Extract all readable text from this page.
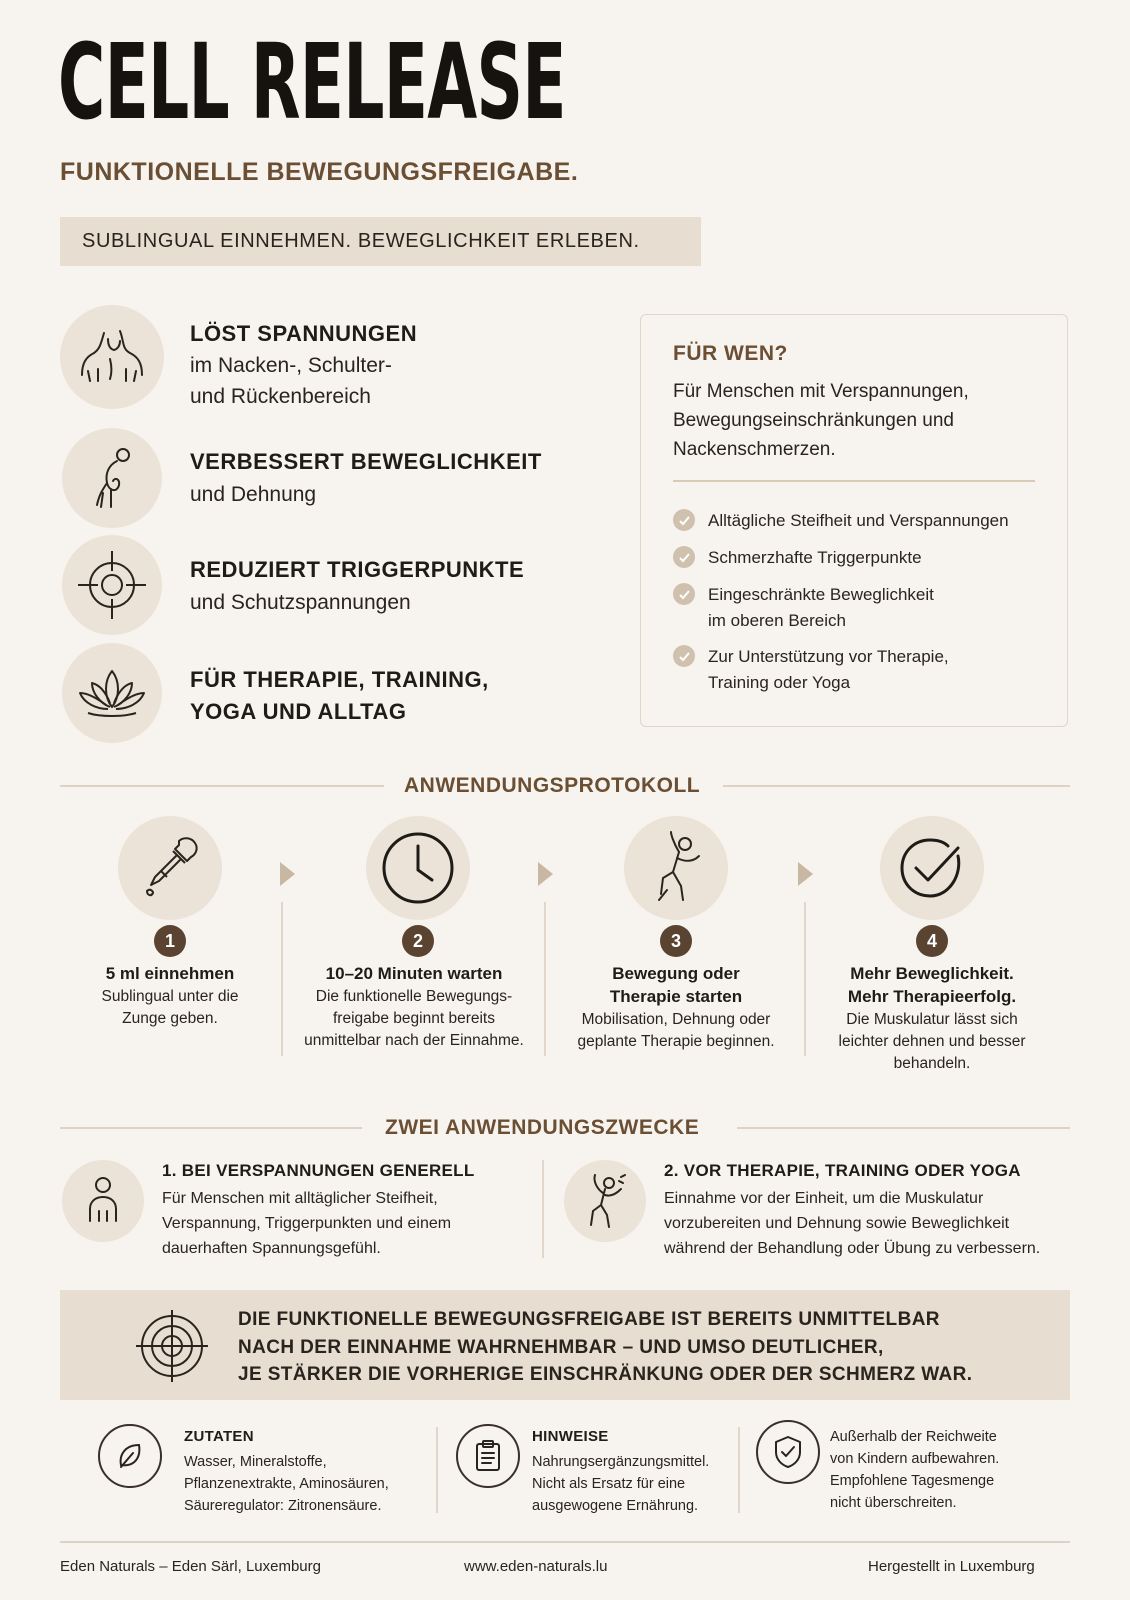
CELL RELEASE
FUNKTIONELLE BEWEGUNGSFREIGABE.
SUBLINGUAL EINNEHMEN. BEWEGLICHKEIT ERLEBEN.
LÖST SPANNUNGEN
im Nacken-, Schulter-
und Rückenbereich
VERBESSERT BEWEGLICHKEIT
und Dehnung
REDUZIERT TRIGGERPUNKTE
und Schutzspannungen
FÜR THERAPIE, TRAINING,
YOGA UND ALLTAG
FÜR WEN?
Für Menschen mit Verspannungen,
Bewegungseinschränkungen und
Nackenschmerzen.
Alltägliche Steifheit und Verspannungen
Schmerzhafte Triggerpunkte
Eingeschränkte Beweglichkeit
im oberen Bereich
Zur Unterstützung vor Therapie,
Training oder Yoga
ANWENDUNGSPROTOKOLL
1
5 ml einnehmen
Sublingual unter die
Zunge geben.
2
10–20 Minuten warten
Die funktionelle Bewegungs-
freigabe beginnt bereits
unmittelbar nach der Einnahme.
3
Bewegung oder
Therapie starten
Mobilisation, Dehnung oder
geplante Therapie beginnen.
4
Mehr Beweglichkeit.
Mehr Therapieerfolg.
Die Muskulatur lässt sich
leichter dehnen und besser
behandeln.
ZWEI ANWENDUNGSZWECKE
1. BEI VERSPANNUNGEN GENERELL
Für Menschen mit alltäglicher Steifheit,
Verspannung, Triggerpunkten und einem
dauerhaften Spannungsgefühl.
2. VOR THERAPIE, TRAINING ODER YOGA
Einnahme vor der Einheit, um die Muskulatur
vorzubereiten und Dehnung sowie Beweglichkeit
während der Behandlung oder Übung zu verbessern.
DIE FUNKTIONELLE BEWEGUNGSFREIGABE IST BEREITS UNMITTELBAR
NACH DER EINNAHME WAHRNEHMBAR – UND UMSO DEUTLICHER,
JE STÄRKER DIE VORHERIGE EINSCHRÄNKUNG ODER DER SCHMERZ WAR.
ZUTATEN
Wasser, Mineralstoffe,
Pflanzenextrakte, Aminosäuren,
Säureregulator: Zitronensäure.
HINWEISE
Nahrungsergänzungsmittel.
Nicht als Ersatz für eine
ausgewogene Ernährung.
Außerhalb der Reichweite
von Kindern aufbewahren.
Empfohlene Tagesmenge
nicht überschreiten.
Eden Naturals – Eden Särl, Luxemburg	www.eden-naturals.lu	Hergestellt in Luxemburg
